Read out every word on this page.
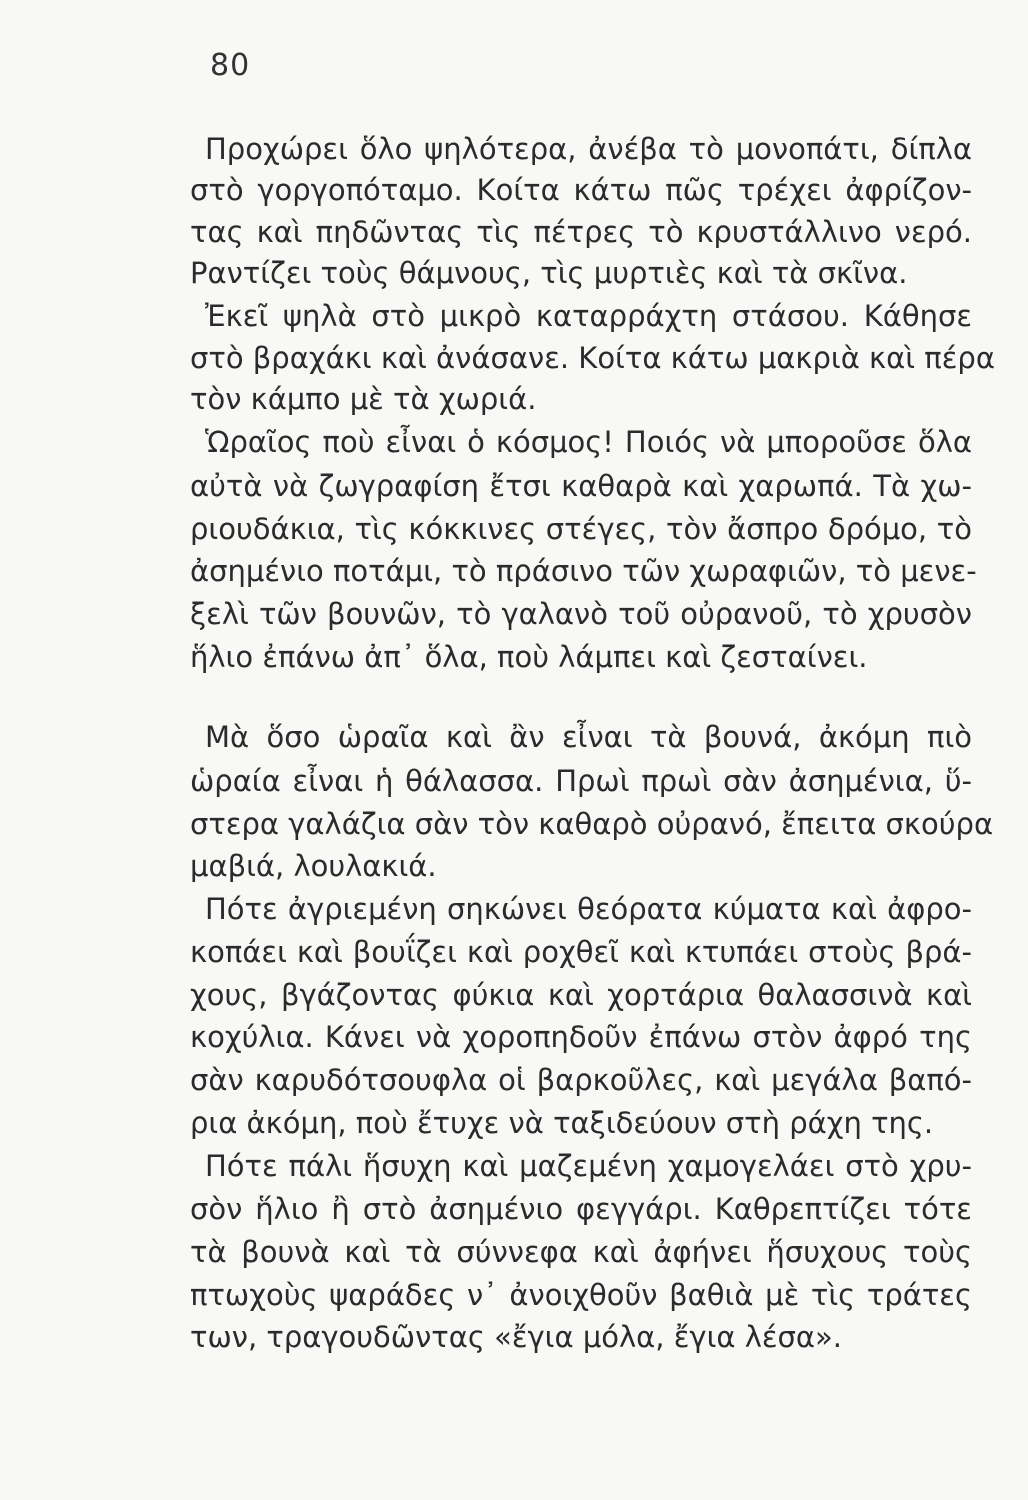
80
Προχώρει ὅλο ψηλότερα, ἀνέβα τὸ μονοπάτι, δίπλα
στὸ γοργοπόταμο. Κοίτα κάτω πῶς τρέχει ἀφρίζον-
τας καὶ πηδῶντας τὶς πέτρες τὸ κρυστάλλινο νερό.
Ραντίζει τοὺς θάμνους, τὶς μυρτιὲς καὶ τὰ σκῖνα.
Ἐκεῖ ψηλὰ στὸ μικρὸ καταρράχτη στάσου. Κάθησε
στὸ βραχάκι καὶ ἀνάσανε. Κοίτα κάτω μακριὰ καὶ πέρα
τὸν κάμπο μὲ τὰ χωριά.
Ὡραῖος ποὺ εἶναι ὁ κόσμος! Ποιός νὰ μποροῦσε ὅλα
αὐτὰ νὰ ζωγραφίση ἔτσι καθαρὰ καὶ χαρωπά. Τὰ χω-
ριουδάκια, τὶς κόκκινες στέγες, τὸν ἄσπρο δρόμο, τὸ
ἀσημένιο ποτάμι, τὸ πράσινο τῶν χωραφιῶν, τὸ μενε-
ξελὶ τῶν βουνῶν, τὸ γαλανὸ τοῦ οὐρανοῦ, τὸ χρυσὸν
ἥλιο ἐπάνω ἀπ᾽ ὅλα, ποὺ λάμπει καὶ ζεσταίνει.
Μὰ ὅσο ὡραῖα καὶ ἂν εἶναι τὰ βουνά, ἀκόμη πιὸ
ὡραία εἶναι ἡ θάλασσα. Πρωὶ πρωὶ σὰν ἀσημένια, ὕ-
στερα γαλάζια σὰν τὸν καθαρὸ οὐρανό, ἔπειτα σκούρα
μαβιά, λουλακιά.
Πότε ἀγριεμένη σηκώνει θεόρατα κύματα καὶ ἀφρο-
κοπάει καὶ βουΐζει καὶ ροχθεῖ καὶ κτυπάει στοὺς βρά-
χους, βγάζοντας φύκια καὶ χορτάρια θαλασσινὰ καὶ
κοχύλια. Κάνει νὰ χοροπηδοῦν ἐπάνω στὸν ἀφρό της
σὰν καρυδότσουφλα οἱ βαρκοῦλες, καὶ μεγάλα βαπό-
ρια ἀκόμη, ποὺ ἔτυχε νὰ ταξιδεύουν στὴ ράχη της.
Πότε πάλι ἥσυχη καὶ μαζεμένη χαμογελάει στὸ χρυ-
σὸν ἥλιο ἢ στὸ ἀσημένιο φεγγάρι. Καθρεπτίζει τότε
τὰ βουνὰ καὶ τὰ σύννεφα καὶ ἀφήνει ἥσυχους τοὺς
πτωχοὺς ψαράδες ν᾽ ἀνοιχθοῦν βαθιὰ μὲ τὶς τράτες
των, τραγουδῶντας «ἔγια μόλα, ἔγια λέσα».
